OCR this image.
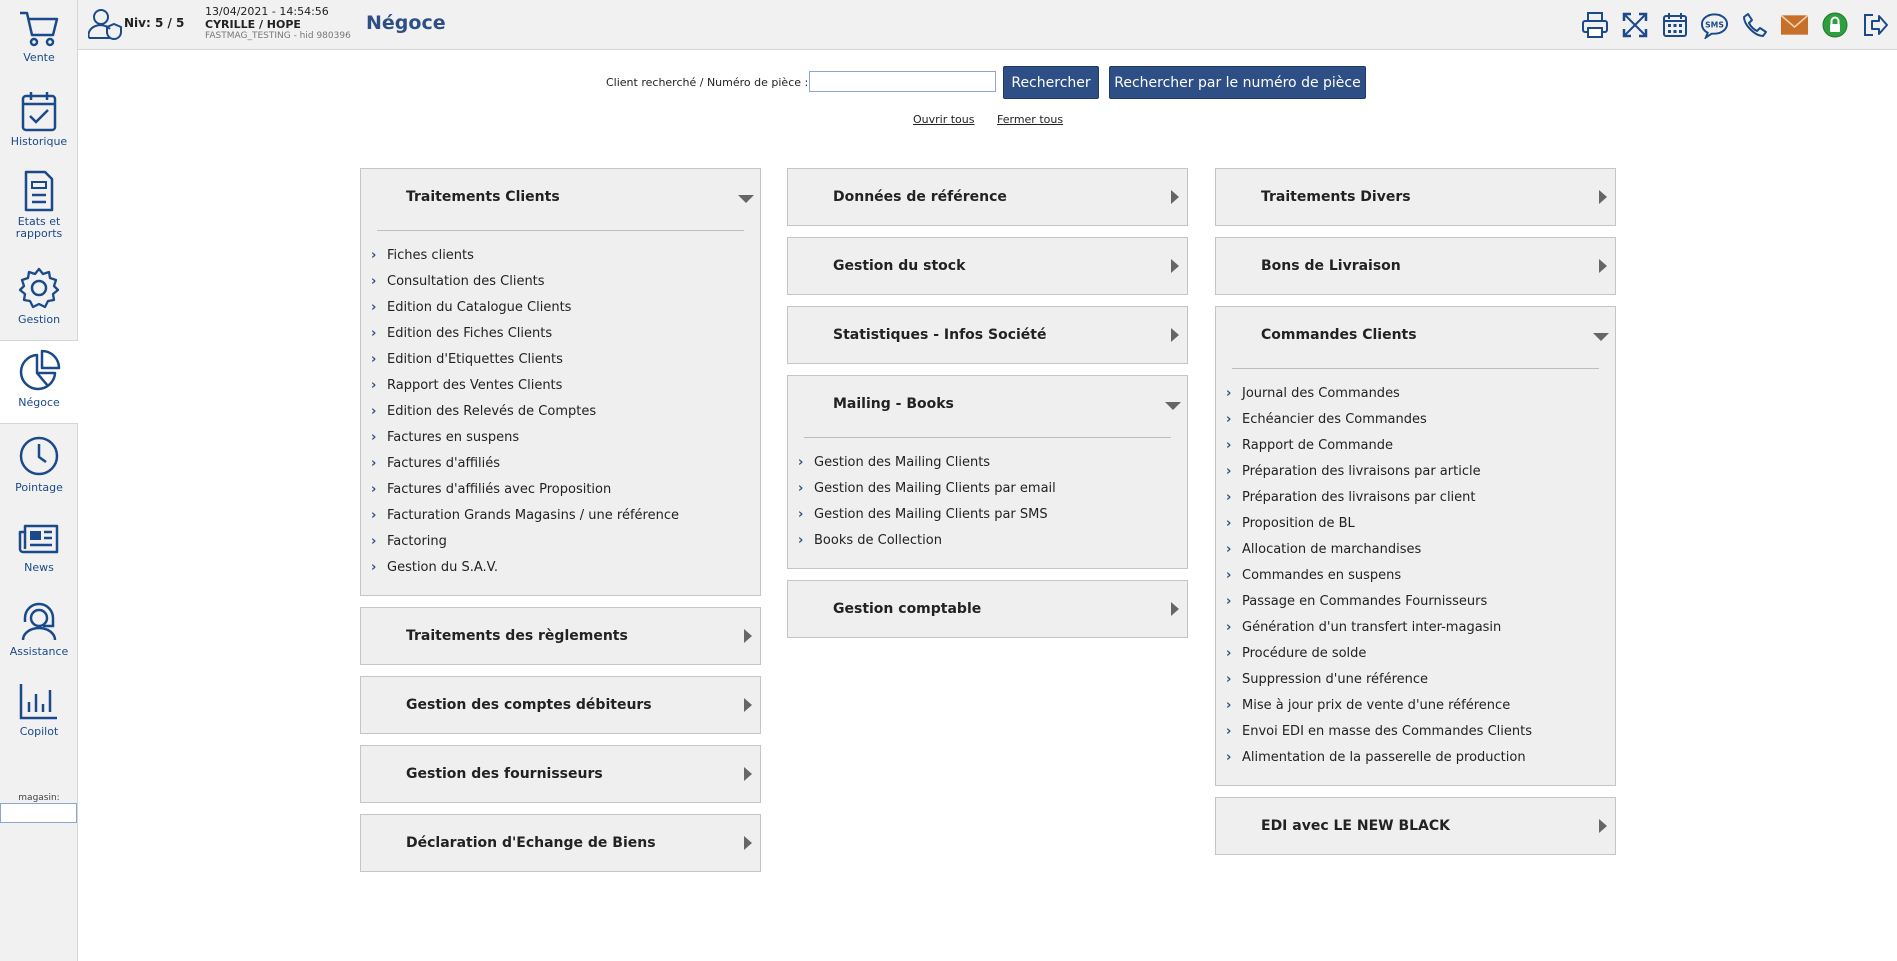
Vente
Historique
Etats et rapports
Gestion
Négoce
Pointage
News
Assistance
Copilot
magasin:
Niv: 5 / 5
13/04/2021 - 14:54:56
CYRILLE / HOPE
FASTMAG_TESTING - hid 980396
Négoce	SMS
Client recherché / Numéro de pièce :	Rechercher	Rechercher par le numéro de pièce
Ouvrir tous Fermer tous
Traitements Clients
› Fiches clients
› Consultation des Clients
› Edition du Catalogue Clients
› Edition des Fiches Clients
› Edition d'Etiquettes Clients
› Rapport des Ventes Clients
› Edition des Relevés de Comptes
› Factures en suspens
› Factures d'affiliés
› Factures d'affiliés avec Proposition
› Facturation Grands Magasins / une référence
› Factoring
› Gestion du S.A.V.
Traitements des règlements
Gestion des comptes débiteurs
Gestion des fournisseurs
Déclaration d'Echange de Biens
Données de référence
Gestion du stock
Statistiques - Infos Société
Mailing - Books
› Gestion des Mailing Clients
› Gestion des Mailing Clients par email
› Gestion des Mailing Clients par SMS
› Books de Collection
Gestion comptable
Traitements Divers
Bons de Livraison
Commandes Clients
› Journal des Commandes
› Echéancier des Commandes
› Rapport de Commande
› Préparation des livraisons par article
› Préparation des livraisons par client
› Proposition de BL
› Allocation de marchandises
› Commandes en suspens
› Passage en Commandes Fournisseurs
› Génération d'un transfert inter-magasin
› Procédure de solde
› Suppression d'une référence
› Mise à jour prix de vente d'une référence
› Envoi EDI en masse des Commandes Clients
› Alimentation de la passerelle de production
EDI avec LE NEW BLACK
